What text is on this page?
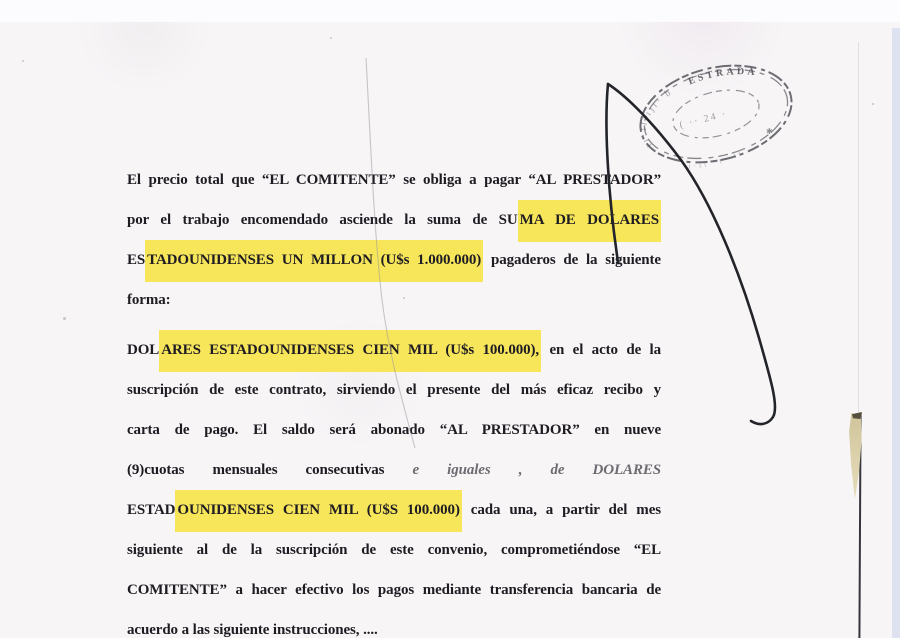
El precio total que “EL COMITENTE” se obliga a pagar “AL PRESTADOR”
por el trabajo encomendado asciende la suma de SU MA DE DOLARES
ES TADOUNIDENSES UN MILLON (U$s 1.000.000) pagaderos de la siguiente
forma:
DOL ARES ESTADOUNIDENSES CIEN MIL (U$s 100.000), en el acto de la
suscripción de este contrato, sirviendo el presente del más eficaz recibo y
carta de pago. El saldo será abonado “AL PRESTADOR” en nueve
(9)cuotas mensuales consecutivas e iguales , de DOLARES
ESTAD OUNIDENSES CIEN MIL (U$S 100.000) cada una, a partir del mes
siguiente al de la suscripción de este convenio, comprometiéndose “EL
COMITENTE” a hacer efectivo los pagos mediante transferencia bancaria de
acuerdo a las siguiente instrucciones, ....
ıı·ıllıȷı· b
ESTRADA
ı·ıı ·ı· ıı
( ·· 24 ·
✱
